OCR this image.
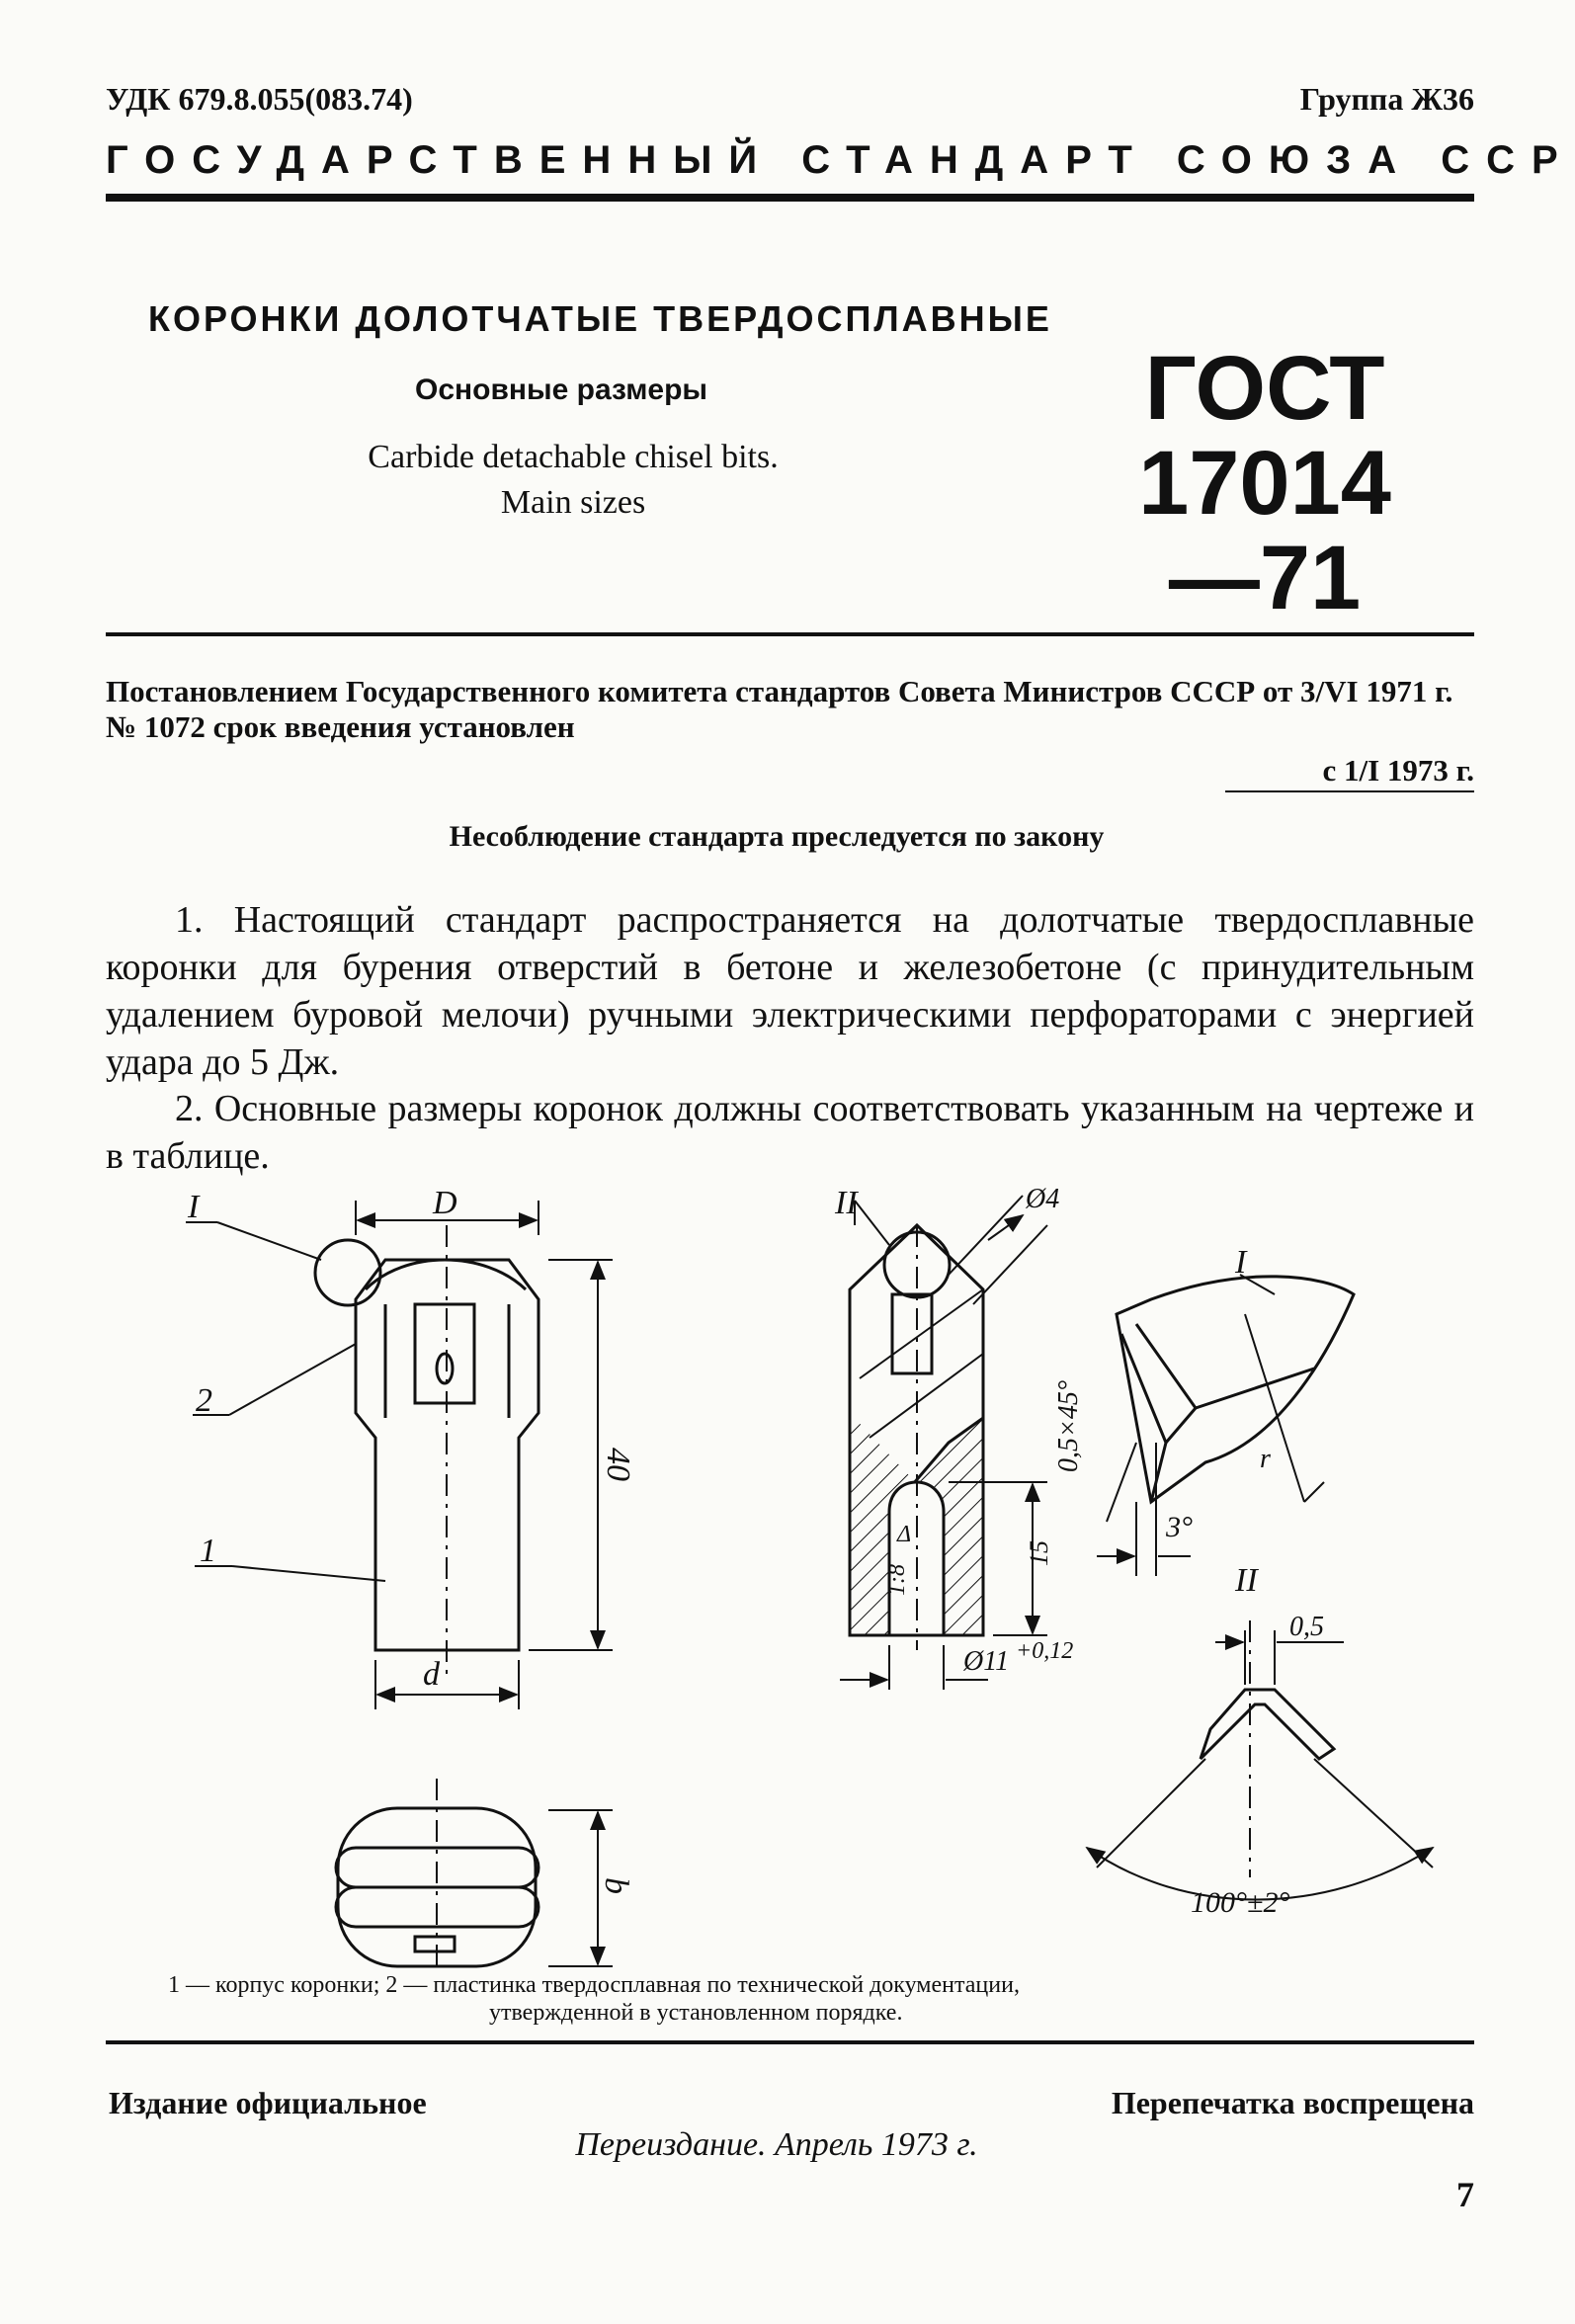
УДК 679.8.055(083.74)	Группа Ж36
ГОСУДАРСТВЕННЫЙ СТАНДАРТ СОЮЗА ССР
КОРОНКИ ДОЛОТЧАТЫЕ ТВЕРДОСПЛАВНЫЕ
Основные размеры
Carbide detachable chisel bits.
Main sizes
ГОСТ
17014—71
Постановлением Государственного комитета стандартов Совета Министров СССР от 3/VI 1971 г. № 1072 срок введения установлен
с 1/I 1973 г.
Несоблюдение стандарта преследуется по закону
1. Настоящий стандарт распространяется на долотчатые твердосплавные коронки для бурения отверстий в бетоне и железобетоне (с принудительным удалением буровой мелочи) ручными электрическими перфораторами с энергией удара до 5 Дж.
2. Основные размеры коронок должны соответствовать указанным на чертеже и в таблице.
I	D
2
1
d
40
b
II	Ø4
0,5×45°
15
1:8
Δ
Ø11 +0,12
I
3°
r
II
0,5
100°±2°
1 — корпус коронки; 2 — пластинка твердосплавная по технической документации,
утвержденной в установленном порядке.
Издание официальное	Перепечатка воспрещена
Переиздание. Апрель 1973 г.
7
